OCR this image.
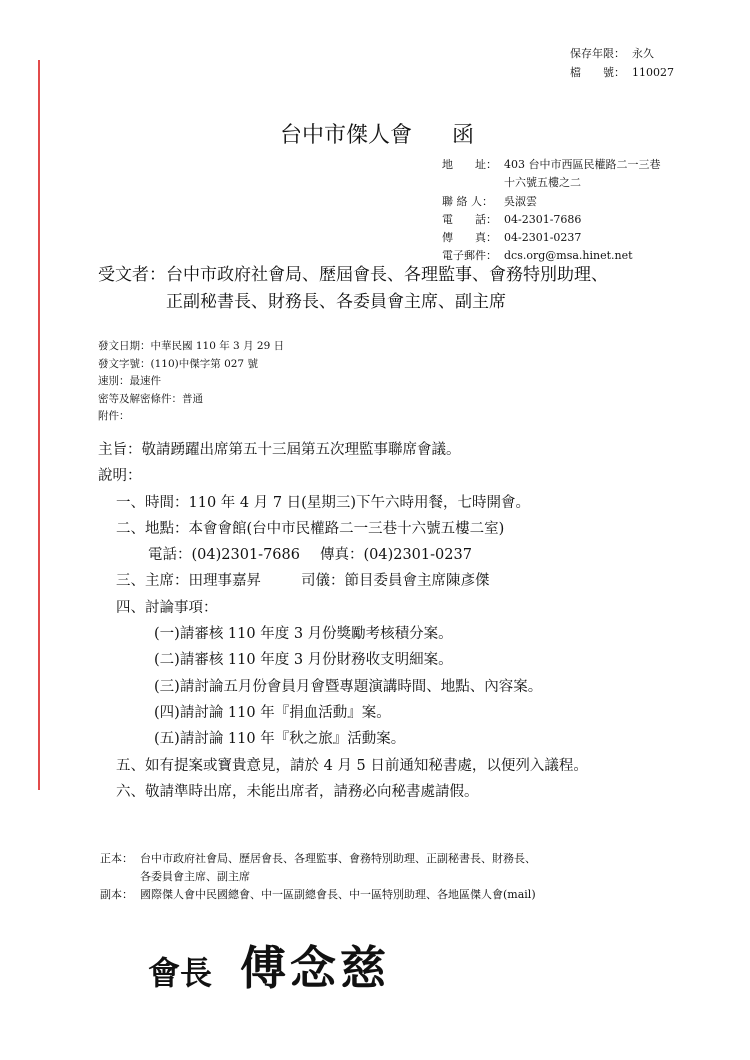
保存年限： 永久
檔　　號： 110027
台中市傑人會 函
地　　址： 403 台中市西區民權路二一三巷
十六號五樓之二
聯 絡 人：	吳淑雲
電　　話： 04-2301-7686
傳　　真： 04-2301-0237
電子郵件： dcs.org@msa.hinet.net
受文者：台中市政府社會局、歷屆會長、各理監事、會務特別助理、
正副秘書長、財務長、各委員會主席、副主席
發文日期：中華民國 110 年 3 月 29 日
發文字號：(110)中傑字第 027 號
速別：最速件
密等及解密條件：普通
附件：
主旨：敬請踴躍出席第五十三屆第五次理監事聯席會議。
說明：
一、時間：110 年 4 月 7 日(星期三)下午六時用餐，七時開會。
二、地點：本會會館(台中市民權路二一三巷十六號五樓二室)
電話：(04)2301-7686 傳真：(04)2301-0237
三、主席：田理事嘉昇	司儀：節目委員會主席陳彥傑
四、討論事項：
(一)請審核 110 年度 3 月份獎勵考核積分案。
(二)請審核 110 年度 3 月份財務收支明細案。
(三)請討論五月份會員月會暨專題演講時間、地點、內容案。
(四)請討論 110 年『捐血活動』案。
(五)請討論 110 年『秋之旅』活動案。
五、如有提案或寶貴意見，請於 4 月 5 日前通知秘書處，以便列入議程。
六、敬請準時出席，未能出席者，請務必向秘書處請假。
正本： 台中市政府社會局、歷居會長、各理監事、會務特別助理、正副秘書長、財務長、
各委員會主席、副主席
副本： 國際傑人會中民國總會、中一區副總會長、中一區特別助理、各地區傑人會(mail)
會長 傅念慈
